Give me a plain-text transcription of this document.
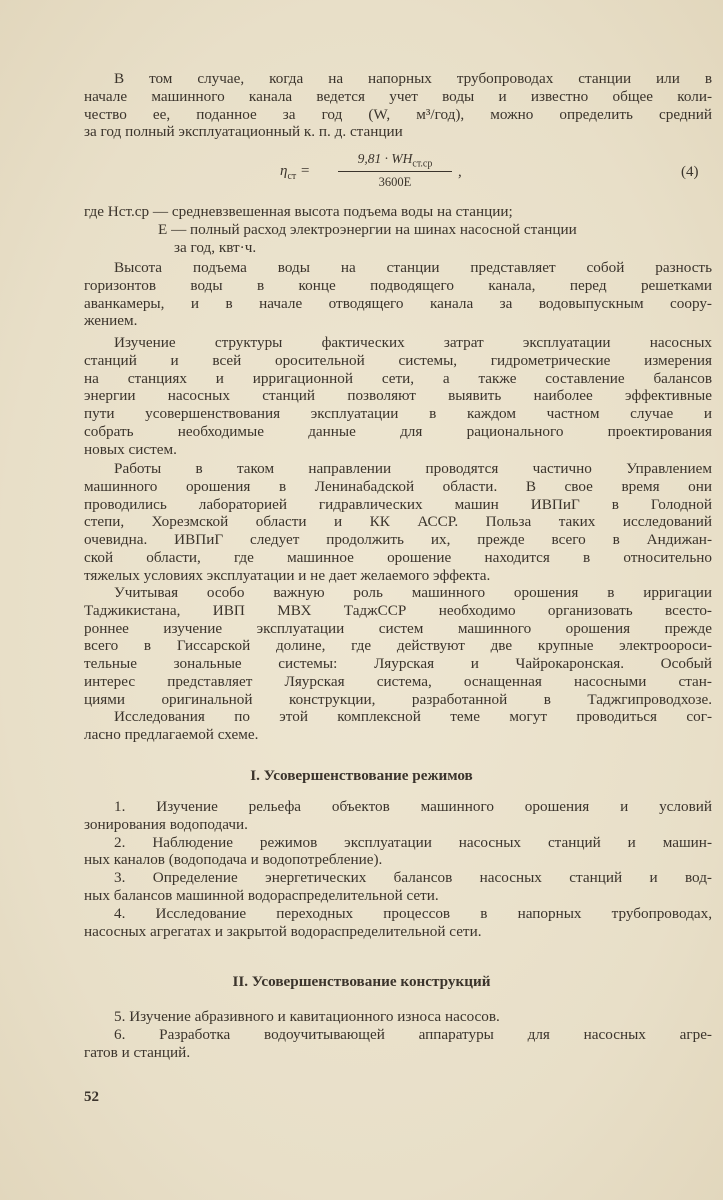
В том случае, когда на напорных трубопроводах станции или в
начале машинного канала ведется учет воды и известно общее коли-
чество ее, поданное за год (W, м³/год), можно определить средний
за год полный эксплуатационный к. п. д. станции
$\eta_{ст}$ =
$9,81 \cdot WH_{ст.ср}$
3600E
,	(4)
где Hст.ср — средневзвешенная высота подъема воды на станции;
E — полный расход электроэнергии на шинах насосной станции
за год, квт·ч.
Высота подъема воды на станции представляет собой разность
горизонтов воды в конце подводящего канала, перед решетками
аванкамеры, и в начале отводящего канала за водовыпускным соору-
жением.
Изучение структуры фактических затрат эксплуатации насосных
станций и всей оросительной системы, гидрометрические измерения
на станциях и ирригационной сети, а также составление балансов
энергии насосных станций позволяют выявить наиболее эффективные
пути усовершенствования эксплуатации в каждом частном случае и
собрать необходимые данные для рационального проектирования
новых систем.
Работы в таком направлении проводятся частично Управлением
машинного орошения в Ленинабадской области. В свое время они
проводились лабораторией гидравлических машин ИВПиГ в Голодной
степи, Хорезмской области и КК АССР. Польза таких исследований
очевидна. ИВПиГ следует продолжить их, прежде всего в Андижан-
ской области, где машинное орошение находится в относительно
тяжелых условиях эксплуатации и не дает желаемого эффекта.
Учитывая особо важную роль машинного орошения в ирригации
Таджикистана, ИВП МВХ ТаджССР необходимо организовать всесто-
роннее изучение эксплуатации систем машинного орошения прежде
всего в Гиссарской долине, где действуют две крупные электроороси-
тельные зональные системы: Ляурская и Чайрокаронская. Особый
интерес представляет Ляурская система, оснащенная насосными стан-
циями оригинальной конструкции, разработанной в Таджгипроводхозе.
Исследования по этой комплексной теме могут проводиться сог-
ласно предлагаемой схеме.
I. Усовершенствование режимов
1. Изучение рельефа объектов машинного орошения и условий
зонирования водоподачи.
2. Наблюдение режимов эксплуатации насосных станций и машин-
ных каналов (водоподача и водопотребление).
3. Определение энергетических балансов насосных станций и вод-
ных балансов машинной водораспределительной сети.
4. Исследование переходных процессов в напорных трубопроводах,
насосных агрегатах и закрытой водораспределительной сети.
II. Усовершенствование конструкций
5. Изучение абразивного и кавитационного износа насосов.
6. Разработка водоучитывающей аппаратуры для насосных агре-
гатов и станций.
52
